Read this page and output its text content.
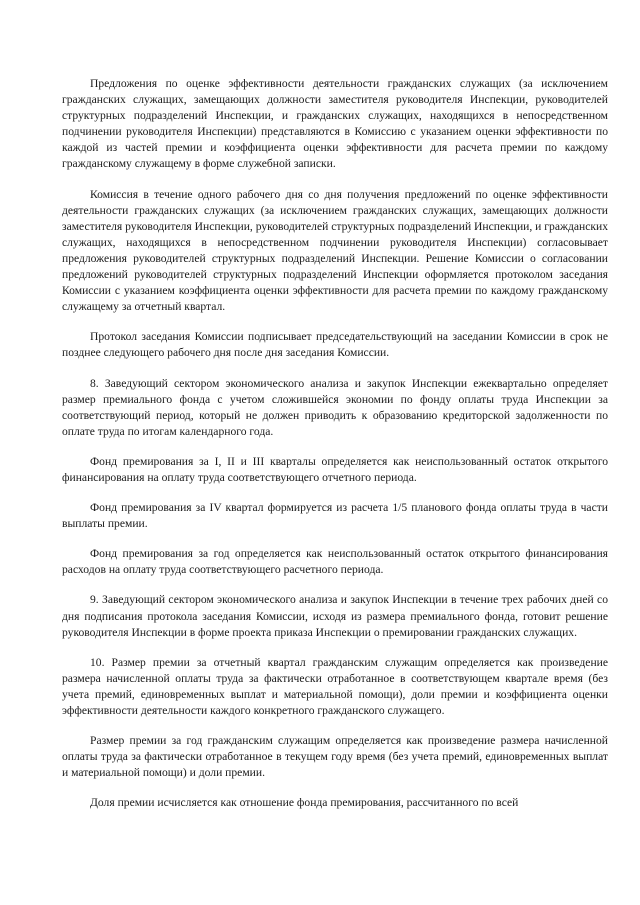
Предложения по оценке эффективности деятельности гражданских служащих (за исключением гражданских служащих, замещающих должности заместителя руководителя Инспекции, руководителей структурных подразделений Инспекции, и гражданских служащих, находящихся в непосредственном подчинении руководителя Инспекции) представляются в Комиссию с указанием оценки эффективности по каждой из частей премии и коэффициента оценки эффективности для расчета премии по каждому гражданскому служащему в форме служебной записки.

Комиссия в течение одного рабочего дня со дня получения предложений по оценке эффективности деятельности гражданских служащих (за исключением гражданских служащих, замещающих должности заместителя руководителя Инспекции, руководителей структурных подразделений Инспекции, и гражданских служащих, находящихся в непосредственном подчинении руководителя Инспекции) согласовывает предложения руководителей структурных подразделений Инспекции. Решение Комиссии о согласовании предложений руководителей структурных подразделений Инспекции оформляется протоколом заседания Комиссии с указанием коэффициента оценки эффективности для расчета премии по каждому гражданскому служащему за отчетный квартал.

Протокол заседания Комиссии подписывает председательствующий на заседании Комиссии в срок не позднее следующего рабочего дня после дня заседания Комиссии.

8. Заведующий сектором экономического анализа и закупок Инспекции ежеквартально определяет размер премиального фонда с учетом сложившейся экономии по фонду оплаты труда Инспекции за соответствующий период, который не должен приводить к образованию кредиторской задолженности по оплате труда по итогам календарного года.

Фонд премирования за I, II и III кварталы определяется как неиспользованный остаток открытого финансирования на оплату труда соответствующего отчетного периода.

Фонд премирования за IV квартал формируется из расчета 1/5 планового фонда оплаты труда в части выплаты премии.

Фонд премирования за год определяется как неиспользованный остаток открытого финансирования расходов на оплату труда соответствующего расчетного периода.

9. Заведующий сектором экономического анализа и закупок Инспекции в течение трех рабочих дней со дня подписания протокола заседания Комиссии, исходя из размера премиального фонда, готовит решение руководителя Инспекции в форме проекта приказа Инспекции о премировании гражданских служащих.

10. Размер премии за отчетный квартал гражданским служащим определяется как произведение размера начисленной оплаты труда за фактически отработанное в соответствующем квартале время (без учета премий, единовременных выплат и материальной помощи), доли премии и коэффициента оценки эффективности деятельности каждого конкретного гражданского служащего.

Размер премии за год гражданским служащим определяется как произведение размера начисленной оплаты труда за фактически отработанное в текущем году время (без учета премий, единовременных выплат и материальной помощи) и доли премии.

Доля премии исчисляется как отношение фонда премирования, рассчитанного по всей
